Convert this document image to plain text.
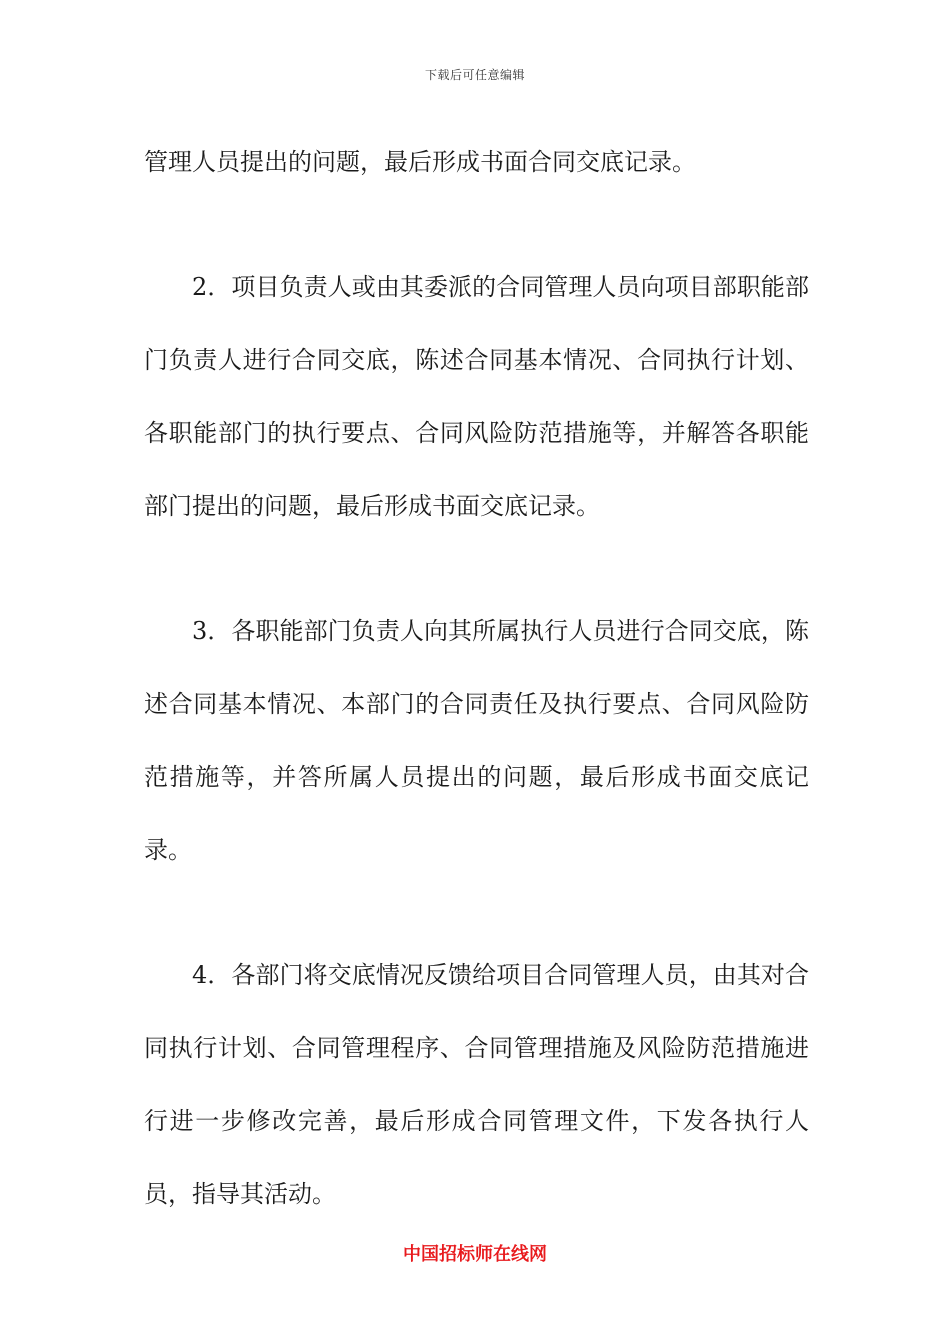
下载后可任意编辑

管理人员提出的问题，最后形成书面合同交底记录。

2．项目负责人或由其委派的合同管理人员向项目部职能部门负责人进行合同交底，陈述合同基本情况、合同执行计划、各职能部门的执行要点、合同风险防范措施等，并解答各职能部门提出的问题，最后形成书面交底记录。

3．各职能部门负责人向其所属执行人员进行合同交底，陈述合同基本情况、本部门的合同责任及执行要点、合同风险防范措施等，并答所属人员提出的问题，最后形成书面交底记录。

4．各部门将交底情况反馈给项目合同管理人员，由其对合同执行计划、合同管理程序、合同管理措施及风险防范措施进行进一步修改完善，最后形成合同管理文件，下发各执行人员，指导其活动。

中国招标师在线网
